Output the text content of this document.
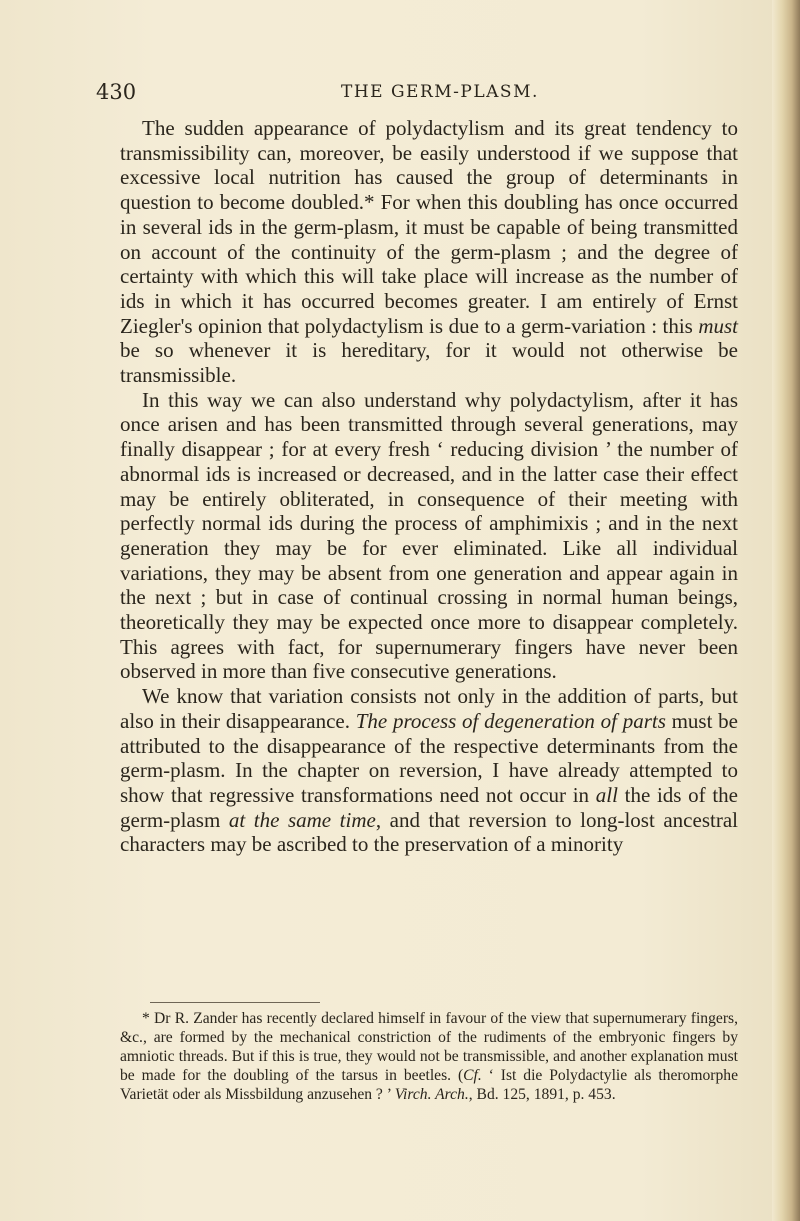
430	THE GERM-PLASM.

The sudden appearance of polydactylism and its great tendency to transmissibility can, moreover, be easily understood if we suppose that excessive local nutrition has caused the group of determinants in question to become doubled.* For when this doubling has once occurred in several ids in the germ-plasm, it must be capable of being transmitted on account of the continuity of the germ-plasm ; and the degree of certainty with which this will take place will increase as the number of ids in which it has occurred becomes greater. I am entirely of Ernst Ziegler's opinion that polydactylism is due to a germ-variation : this must be so whenever it is hereditary, for it would not otherwise be transmissible.

In this way we can also understand why polydactylism, after it has once arisen and has been transmitted through several generations, may finally disappear ; for at every fresh ‘ reducing division ’ the number of abnormal ids is increased or decreased, and in the latter case their effect may be entirely obliterated, in consequence of their meeting with perfectly normal ids during the process of amphimixis ; and in the next generation they may be for ever eliminated. Like all individual variations, they may be absent from one generation and appear again in the next ; but in case of continual crossing in normal human beings, theoretically they may be expected once more to disappear completely. This agrees with fact, for supernumerary fingers have never been observed in more than five consecutive generations.

We know that variation consists not only in the addition of parts, but also in their disappearance. The process of degeneration of parts must be attributed to the disappearance of the respective determinants from the germ-plasm. In the chapter on reversion, I have already attempted to show that regressive transformations need not occur in all the ids of the germ-plasm at the same time, and that reversion to long-lost ancestral characters may be ascribed to the preservation of a minority

* Dr R. Zander has recently declared himself in favour of the view that supernumerary fingers, &c., are formed by the mechanical constriction of the rudiments of the embryonic fingers by amniotic threads. But if this is true, they would not be transmissible, and another explanation must be made for the doubling of the tarsus in beetles. (Cf. ‘ Ist die Polydactylie als theromorphe Varietät oder als Missbildung anzusehen ? ’ Virch. Arch., Bd. 125, 1891, p. 453.
